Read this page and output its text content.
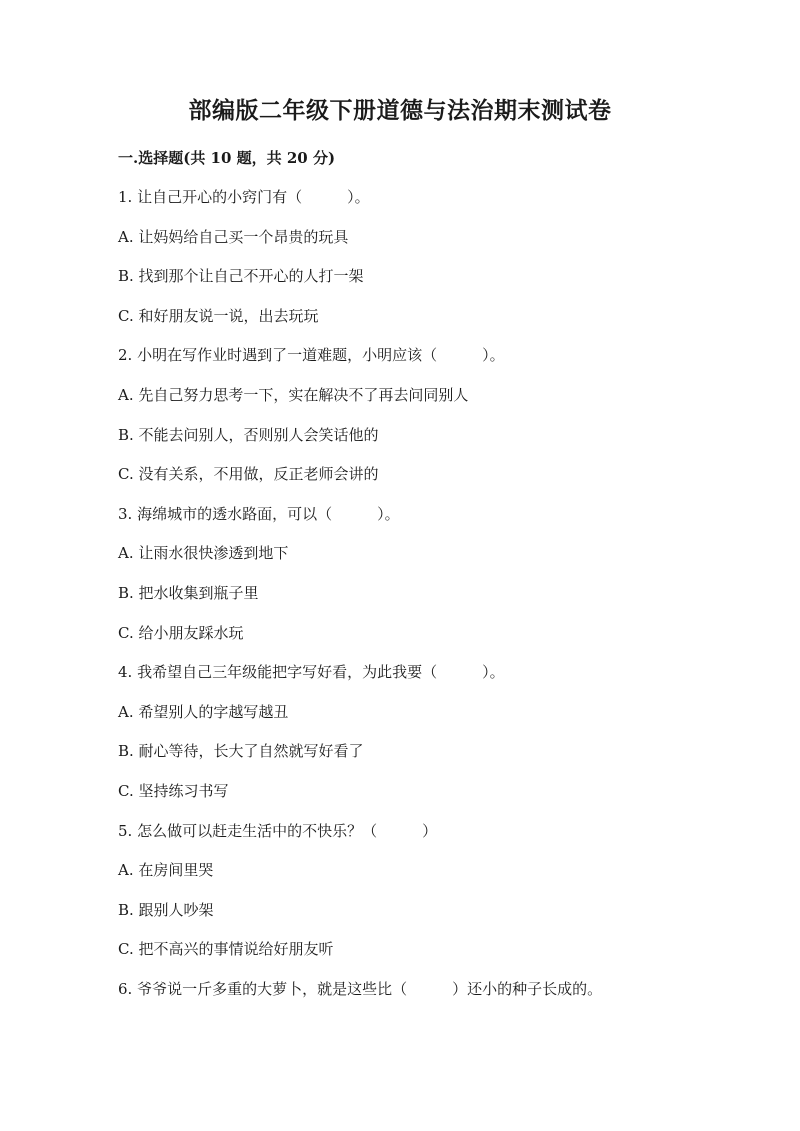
部编版二年级下册道德与法治期末测试卷
一.选择题(共 10 题，共 20 分)
1. 让自己开心的小窍门有（　　　）。
A. 让妈妈给自己买一个昂贵的玩具
B. 找到那个让自己不开心的人打一架
C. 和好朋友说一说，出去玩玩
2. 小明在写作业时遇到了一道难题，小明应该（　　　）。
A. 先自己努力思考一下，实在解决不了再去问同别人
B. 不能去问别人，否则别人会笑话他的
C. 没有关系，不用做，反正老师会讲的
3. 海绵城市的透水路面，可以（　　　）。
A. 让雨水很快渗透到地下
B. 把水收集到瓶子里
C. 给小朋友踩水玩
4. 我希望自己三年级能把字写好看，为此我要（　　　）。
A. 希望别人的字越写越丑
B. 耐心等待，长大了自然就写好看了
C. 坚持练习书写
5. 怎么做可以赶走生活中的不快乐？（　　　）
A. 在房间里哭
B. 跟别人吵架
C. 把不高兴的事情说给好朋友听
6. 爷爷说一斤多重的大萝卜，就是这些比（　　　）还小的种子长成的。
